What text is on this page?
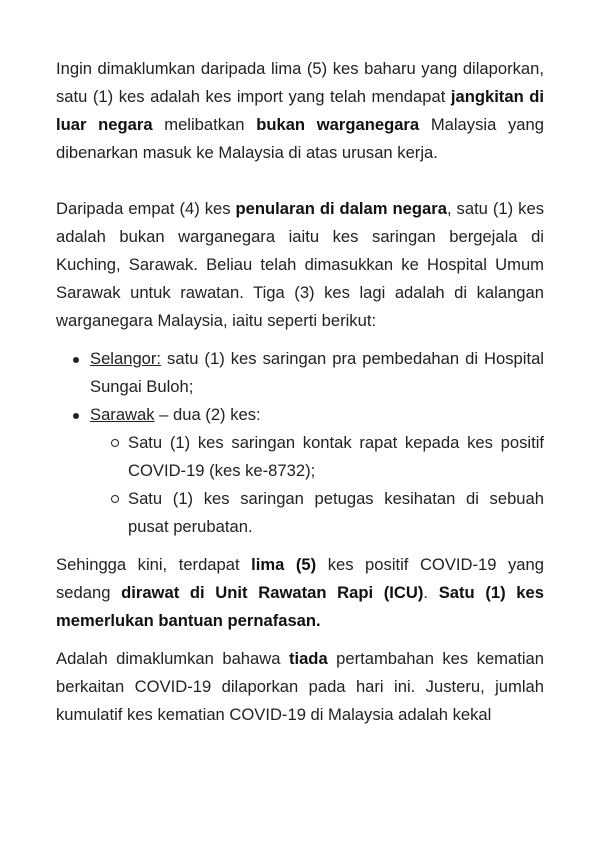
Ingin dimaklumkan daripada lima (5) kes baharu yang dilaporkan, satu (1) kes adalah kes import yang telah mendapat jangkitan di luar negara melibatkan bukan warganegara Malaysia yang dibenarkan masuk ke Malaysia di atas urusan kerja.

Daripada empat (4) kes penularan di dalam negara, satu (1) kes adalah bukan warganegara iaitu kes saringan bergejala di Kuching, Sarawak. Beliau telah dimasukkan ke Hospital Umum Sarawak untuk rawatan. Tiga (3) kes lagi adalah di kalangan warganegara Malaysia, iaitu seperti berikut:

Selangor: satu (1) kes saringan pra pembedahan di Hospital Sungai Buloh;
Sarawak – dua (2) kes:
Satu (1) kes saringan kontak rapat kepada kes positif COVID-19 (kes ke-8732);
Satu (1) kes saringan petugas kesihatan di sebuah pusat perubatan.

Sehingga kini, terdapat lima (5) kes positif COVID-19 yang sedang dirawat di Unit Rawatan Rapi (ICU). Satu (1) kes memerlukan bantuan pernafasan.

Adalah dimaklumkan bahawa tiada pertambahan kes kematian berkaitan COVID-19 dilaporkan pada hari ini. Justeru, jumlah kumulatif kes kematian COVID-19 di Malaysia adalah kekal
